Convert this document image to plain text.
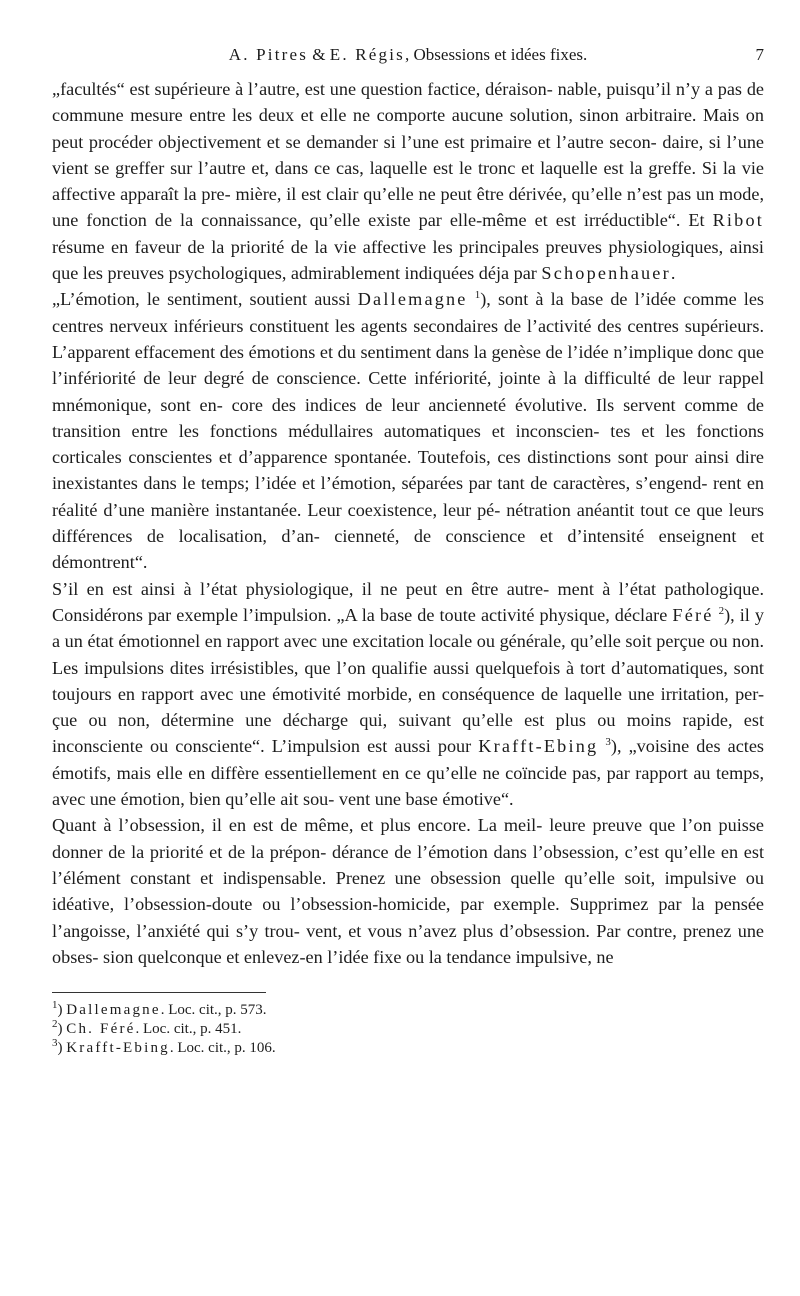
A. Pitres & E. Régis, Obsessions et idées fixes.	7

„facultés“ est supérieure à l’autre, est une question factice, déraison- nable, puisqu’il n’y a pas de commune mesure entre les deux et elle ne comporte aucune solution, sinon arbitraire. Mais on peut procéder objectivement et se demander si l’une est primaire et l’autre secon- daire, si l’une vient se greffer sur l’autre et, dans ce cas, laquelle est le tronc et laquelle est la greffe. Si la vie affective apparaît la pre- mière, il est clair qu’elle ne peut être dérivée, qu’elle n’est pas un mode, une fonction de la connaissance, qu’elle existe par elle-même et est irréductible“. Et Ribot résume en faveur de la priorité de la vie affective les principales preuves physiologiques, ainsi que les preuves psychologiques, admirablement indiquées déja par Schopenhauer.

„L’émotion, le sentiment, soutient aussi Dallemagne $^1$), sont à la base de l’idée comme les centres nerveux inférieurs constituent les agents secondaires de l’activité des centres supérieurs. L’apparent effacement des émotions et du sentiment dans la genèse de l’idée n’implique donc que l’infériorité de leur degré de conscience. Cette infériorité, jointe à la difficulté de leur rappel mnémonique, sont en- core des indices de leur ancienneté évolutive. Ils servent comme de transition entre les fonctions médullaires automatiques et inconscien- tes et les fonctions corticales conscientes et d’apparence spontanée. Toutefois, ces distinctions sont pour ainsi dire inexistantes dans le temps; l’idée et l’émotion, séparées par tant de caractères, s’engend- rent en réalité d’une manière instantanée. Leur coexistence, leur pé- nétration anéantit tout ce que leurs différences de localisation, d’an- cienneté, de conscience et d’intensité enseignent et démontrent“.

S’il en est ainsi à l’état physiologique, il ne peut en être autre- ment à l’état pathologique. Considérons par exemple l’impulsion. „A la base de toute activité physique, déclare Féré $^2$), il y a un état émotionnel en rapport avec une excitation locale ou générale, qu’elle soit perçue ou non. Les impulsions dites irrésistibles, que l’on qualifie aussi quelquefois à tort d’automatiques, sont toujours en rapport avec une émotivité morbide, en conséquence de laquelle une irritation, per- çue ou non, détermine une décharge qui, suivant qu’elle est plus ou moins rapide, est inconsciente ou consciente“. L’impulsion est aussi pour Krafft-Ebing $^3$), „voisine des actes émotifs, mais elle en diffère essentiellement en ce qu’elle ne coïncide pas, par rapport au temps, avec une émotion, bien qu’elle ait sou- vent une base émotive“.

Quant à l’obsession, il en est de même, et plus encore. La meil- leure preuve que l’on puisse donner de la priorité et de la prépon- dérance de l’émotion dans l’obsession, c’est qu’elle en est l’élément constant et indispensable. Prenez une obsession quelle qu’elle soit, impulsive ou idéative, l’obsession-doute ou l’obsession-homicide, par exemple. Supprimez par la pensée l’angoisse, l’anxiété qui s’y trou- vent, et vous n’avez plus d’obsession. Par contre, prenez une obses- sion quelconque et enlevez-en l’idée fixe ou la tendance impulsive, ne

$^1$) Dallemagne. Loc. cit., p. 573.
$^2$) Ch. Féré. Loc. cit., p. 451.
$^3$) Krafft-Ebing. Loc. cit., p. 106.
